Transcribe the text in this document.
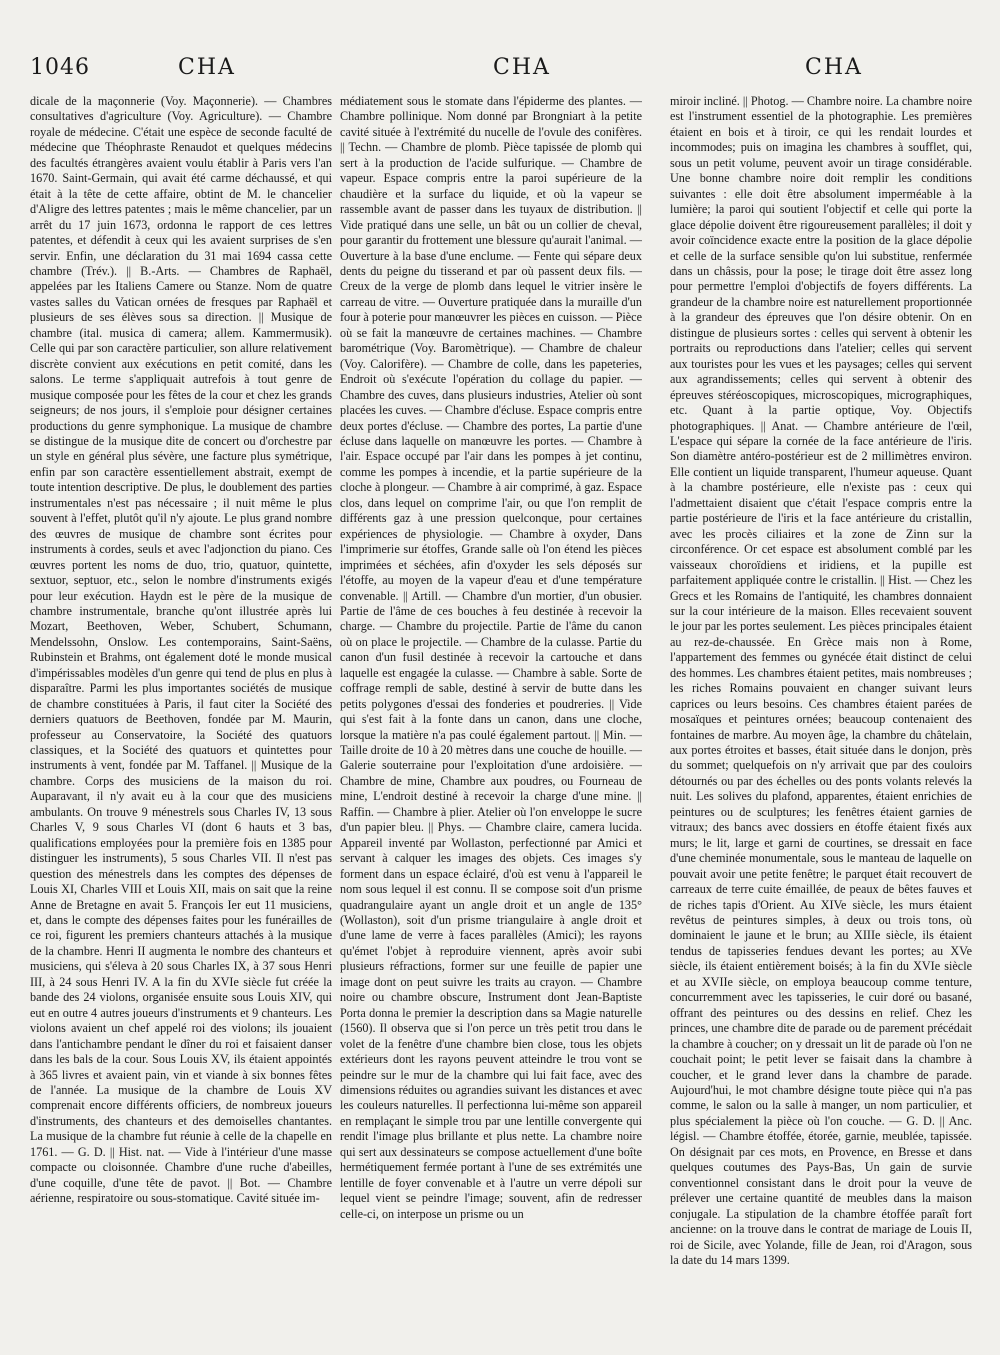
1046	CHA	CHA	CHA

dicale de la maçonnerie (Voy. Maçonnerie). — Chambres consultatives d'agriculture (Voy. Agriculture). — Chambre royale de médecine. C'était une espèce de seconde faculté de médecine que Théophraste Renaudot et quelques médecins des facultés étrangères avaient voulu établir à Paris vers l'an 1670. Saint-Germain, qui avait été carme déchaussé, et qui était à la tête de cette affaire, obtint de M. le chancelier d'Aligre des lettres patentes ; mais le même chancelier, par un arrêt du 17 juin 1673, ordonna le rapport de ces lettres patentes, et défendit à ceux qui les avaient surprises de s'en servir. Enfin, une déclaration du 31 mai 1694 cassa cette chambre (Trév.). || B.-Arts. — Chambres de Raphaël, appelées par les Italiens Camere ou Stanze. Nom de quatre vastes salles du Vatican ornées de fresques par Raphaël et plusieurs de ses élèves sous sa direction. || Musique de chambre (ital. musica di camera; allem. Kammermusik). Celle qui par son caractère particulier, son allure relativement discrète convient aux exécutions en petit comité, dans les salons. Le terme s'appliquait autrefois à tout genre de musique composée pour les fêtes de la cour et chez les grands seigneurs; de nos jours, il s'emploie pour désigner certaines productions du genre symphonique. La musique de chambre se distingue de la musique dite de concert ou d'orchestre par un style en général plus sévère, une facture plus symétrique, enfin par son caractère essentiellement abstrait, exempt de toute intention descriptive. De plus, le doublement des parties instrumentales n'est pas nécessaire ; il nuit même le plus souvent à l'effet, plutôt qu'il n'y ajoute. Le plus grand nombre des œuvres de musique de chambre sont écrites pour instruments à cordes, seuls et avec l'adjonction du piano. Ces œuvres portent les noms de duo, trio, quatuor, quintette, sextuor, septuor, etc., selon le nombre d'instruments exigés pour leur exécution. Haydn est le père de la musique de chambre instrumentale, branche qu'ont illustrée après lui Mozart, Beethoven, Weber, Schubert, Schumann, Mendelssohn, Onslow. Les contemporains, Saint-Saëns, Rubinstein et Brahms, ont également doté le monde musical d'impérissables modèles d'un genre qui tend de plus en plus à disparaître. Parmi les plus importantes sociétés de musique de chambre constituées à Paris, il faut citer la Société des derniers quatuors de Beethoven, fondée par M. Maurin, professeur au Conservatoire, la Société des quatuors classiques, et la Société des quatuors et quintettes pour instruments à vent, fondée par M. Taffanel. || Musique de la chambre. Corps des musiciens de la maison du roi. Auparavant, il n'y avait eu à la cour que des musiciens ambulants. On trouve 9 ménestrels sous Charles IV, 13 sous Charles V, 9 sous Charles VI (dont 6 hauts et 3 bas, qualifications employées pour la première fois en 1385 pour distinguer les instruments), 5 sous Charles VII. Il n'est pas question des ménestrels dans les comptes des dépenses de Louis XI, Charles VIII et Louis XII, mais on sait que la reine Anne de Bretagne en avait 5. François Ier eut 11 musiciens, et, dans le compte des dépenses faites pour les funérailles de ce roi, figurent les premiers chanteurs attachés à la musique de la chambre. Henri II augmenta le nombre des chanteurs et musiciens, qui s'éleva à 20 sous Charles IX, à 37 sous Henri III, à 24 sous Henri IV. A la fin du XVIe siècle fut créée la bande des 24 violons, organisée ensuite sous Louis XIV, qui eut en outre 4 autres joueurs d'instruments et 9 chanteurs. Les violons avaient un chef appelé roi des violons; ils jouaient dans l'antichambre pendant le dîner du roi et faisaient danser dans les bals de la cour. Sous Louis XV, ils étaient appointés à 365 livres et avaient pain, vin et viande à six bonnes fêtes de l'année. La musique de la chambre de Louis XV comprenait encore différents officiers, de nombreux joueurs d'instruments, des chanteurs et des demoiselles chantantes. La musique de la chambre fut réunie à celle de la chapelle en 1761. — G. D. || Hist. nat. — Vide à l'intérieur d'une masse compacte ou cloisonnée. Chambre d'une ruche d'abeilles, d'une coquille, d'une tête de pavot. || Bot. — Chambre aérienne, respiratoire ou sous-stomatique. Cavité située im-

médiatement sous le stomate dans l'épiderme des plantes. — Chambre pollinique. Nom donné par Brongniart à la petite cavité située à l'extrémité du nucelle de l'ovule des conifères. || Techn. — Chambre de plomb. Pièce tapissée de plomb qui sert à la production de l'acide sulfurique. — Chambre de vapeur. Espace compris entre la paroi supérieure de la chaudière et la surface du liquide, et où la vapeur se rassemble avant de passer dans les tuyaux de distribution. || Vide pratiqué dans une selle, un bât ou un collier de cheval, pour garantir du frottement une blessure qu'aurait l'animal. — Ouverture à la base d'une enclume. — Fente qui sépare deux dents du peigne du tisserand et par où passent deux fils. — Creux de la verge de plomb dans lequel le vitrier insère le carreau de vitre. — Ouverture pratiquée dans la muraille d'un four à poterie pour manœuvrer les pièces en cuisson. — Pièce où se fait la manœuvre de certaines machines. — Chambre barométrique (Voy. Baromètrique). — Chambre de chaleur (Voy. Calorifère). — Chambre de colle, dans les papeteries, Endroit où s'exécute l'opération du collage du papier. — Chambre des cuves, dans plusieurs industries, Atelier où sont placées les cuves. — Chambre d'écluse. Espace compris entre deux portes d'écluse. — Chambre des portes, La partie d'une écluse dans laquelle on manœuvre les portes. — Chambre à l'air. Espace occupé par l'air dans les pompes à jet continu, comme les pompes à incendie, et la partie supérieure de la cloche à plongeur. — Chambre à air comprimé, à gaz. Espace clos, dans lequel on comprime l'air, ou que l'on remplit de différents gaz à une pression quelconque, pour certaines expériences de physiologie. — Chambre à oxyder, Dans l'imprimerie sur étoffes, Grande salle où l'on étend les pièces imprimées et séchées, afin d'oxyder les sels déposés sur l'étoffe, au moyen de la vapeur d'eau et d'une température convenable. || Artill. — Chambre d'un mortier, d'un obusier. Partie de l'âme de ces bouches à feu destinée à recevoir la charge. — Chambre du projectile. Partie de l'âme du canon où on place le projectile. — Chambre de la culasse. Partie du canon d'un fusil destinée à recevoir la cartouche et dans laquelle est engagée la culasse. — Chambre à sable. Sorte de coffrage rempli de sable, destiné à servir de butte dans les petits polygones d'essai des fonderies et poudreries. || Vide qui s'est fait à la fonte dans un canon, dans une cloche, lorsque la matière n'a pas coulé également partout. || Min. — Taille droite de 10 à 20 mètres dans une couche de houille. — Galerie souterraine pour l'exploitation d'une ardoisière. — Chambre de mine, Chambre aux poudres, ou Fourneau de mine, L'endroit destiné à recevoir la charge d'une mine. || Raffin. — Chambre à plier. Atelier où l'on enveloppe le sucre d'un papier bleu. || Phys. — Chambre claire, camera lucida. Appareil inventé par Wollaston, perfectionné par Amici et servant à calquer les images des objets. Ces images s'y forment dans un espace éclairé, d'où est venu à l'appareil le nom sous lequel il est connu. Il se compose soit d'un prisme quadrangulaire ayant un angle droit et un angle de 135° (Wollaston), soit d'un prisme triangulaire à angle droit et d'une lame de verre à faces parallèles (Amici); les rayons qu'émet l'objet à reproduire viennent, après avoir subi plusieurs réfractions, former sur une feuille de papier une image dont on peut suivre les traits au crayon. — Chambre noire ou chambre obscure, Instrument dont Jean-Baptiste Porta donna le premier la description dans sa Magie naturelle (1560). Il observa que si l'on perce un très petit trou dans le volet de la fenêtre d'une chambre bien close, tous les objets extérieurs dont les rayons peuvent atteindre le trou vont se peindre sur le mur de la chambre qui lui fait face, avec des dimensions réduites ou agrandies suivant les distances et avec les couleurs naturelles. Il perfectionna lui-même son appareil en remplaçant le simple trou par une lentille convergente qui rendit l'image plus brillante et plus nette. La chambre noire qui sert aux dessinateurs se compose actuellement d'une boîte hermétiquement fermée portant à l'une de ses extrémités une lentille de foyer convenable et à l'autre un verre dépoli sur lequel vient se peindre l'image; souvent, afin de redresser celle-ci, on interpose un prisme ou un

miroir incliné. || Photog. — Chambre noire. La chambre noire est l'instrument essentiel de la photographie. Les premières étaient en bois et à tiroir, ce qui les rendait lourdes et incommodes; puis on imagina les chambres à soufflet, qui, sous un petit volume, peuvent avoir un tirage considérable. Une bonne chambre noire doit remplir les conditions suivantes : elle doit être absolument imperméable à la lumière; la paroi qui soutient l'objectif et celle qui porte la glace dépolie doivent être rigoureusement parallèles; il doit y avoir coïncidence exacte entre la position de la glace dépolie et celle de la surface sensible qu'on lui substitue, renfermée dans un châssis, pour la pose; le tirage doit être assez long pour permettre l'emploi d'objectifs de foyers différents. La grandeur de la chambre noire est naturellement proportionnée à la grandeur des épreuves que l'on désire obtenir. On en distingue de plusieurs sortes : celles qui servent à obtenir les portraits ou reproductions dans l'atelier; celles qui servent aux touristes pour les vues et les paysages; celles qui servent aux agrandissements; celles qui servent à obtenir des épreuves stéréoscopiques, microscopiques, micrographiques, etc. Quant à la partie optique, Voy. Objectifs photographiques. || Anat. — Chambre antérieure de l'œil, L'espace qui sépare la cornée de la face antérieure de l'iris. Son diamètre antéro-postérieur est de 2 millimètres environ. Elle contient un liquide transparent, l'humeur aqueuse. Quant à la chambre postérieure, elle n'existe pas : ceux qui l'admettaient disaient que c'était l'espace compris entre la partie postérieure de l'iris et la face antérieure du cristallin, avec les procès ciliaires et la zone de Zinn sur la circonférence. Or cet espace est absolument comblé par les vaisseaux choroïdiens et iridiens, et la pupille est parfaitement appliquée contre le cristallin. || Hist. — Chez les Grecs et les Romains de l'antiquité, les chambres donnaient sur la cour intérieure de la maison. Elles recevaient souvent le jour par les portes seulement. Les pièces principales étaient au rez-de-chaussée. En Grèce mais non à Rome, l'appartement des femmes ou gynécée était distinct de celui des hommes. Les chambres étaient petites, mais nombreuses ; les riches Romains pouvaient en changer suivant leurs caprices ou leurs besoins. Ces chambres étaient parées de mosaïques et peintures ornées; beaucoup contenaient des fontaines de marbre. Au moyen âge, la chambre du châtelain, aux portes étroites et basses, était située dans le donjon, près du sommet; quelquefois on n'y arrivait que par des couloirs détournés ou par des échelles ou des ponts volants relevés la nuit. Les solives du plafond, apparentes, étaient enrichies de peintures ou de sculptures; les fenêtres étaient garnies de vitraux; des bancs avec dossiers en étoffe étaient fixés aux murs; le lit, large et garni de courtines, se dressait en face d'une cheminée monumentale, sous le manteau de laquelle on pouvait avoir une petite fenêtre; le parquet était recouvert de carreaux de terre cuite émaillée, de peaux de bêtes fauves et de riches tapis d'Orient. Au XIVe siècle, les murs étaient revêtus de peintures simples, à deux ou trois tons, où dominaient le jaune et le brun; au XIIIe siècle, ils étaient tendus de tapisseries fendues devant les portes; au XVe siècle, ils étaient entièrement boisés; à la fin du XVIe siècle et au XVIIe siècle, on employa beaucoup comme tenture, concurremment avec les tapisseries, le cuir doré ou basané, offrant des peintures ou des dessins en relief. Chez les princes, une chambre dite de parade ou de parement précédait la chambre à coucher; on y dressait un lit de parade où l'on ne couchait point; le petit lever se faisait dans la chambre à coucher, et le grand lever dans la chambre de parade. Aujourd'hui, le mot chambre désigne toute pièce qui n'a pas comme, le salon ou la salle à manger, un nom particulier, et plus spécialement la pièce où l'on couche. — G. D. || Anc. législ. — Chambre étoffée, étorée, garnie, meublée, tapissée. On désignait par ces mots, en Provence, en Bresse et dans quelques coutumes des Pays-Bas, Un gain de survie conventionnel consistant dans le droit pour la veuve de prélever une certaine quantité de meubles dans la maison conjugale. La stipulation de la chambre étoffée paraît fort ancienne: on la trouve dans le contrat de mariage de Louis II, roi de Sicile, avec Yolande, fille de Jean, roi d'Aragon, sous la date du 14 mars 1399.
